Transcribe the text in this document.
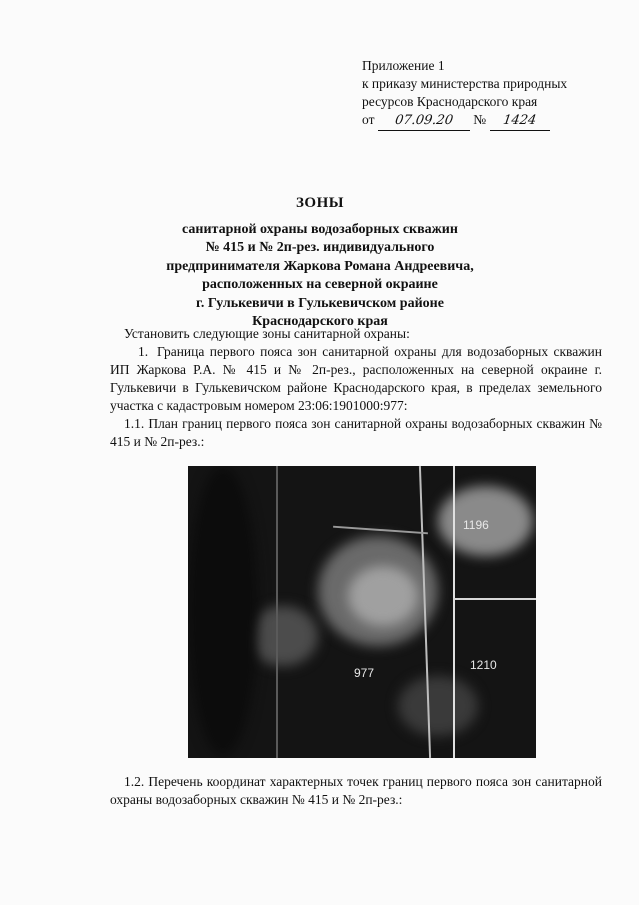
Приложение 1
к приказу министерства природных
ресурсов Краснодарского края
от 07.09.20 № 1424
ЗОНЫ
санитарной охраны водозаборных скважин
№ 415 и № 2п-рез. индивидуального
предпринимателя Жаркова Романа Андреевича,
расположенных на северной окраине
г. Гулькевичи в Гулькевичском районе
Краснодарского края

Установить следующие зоны санитарной охраны:

1. Граница первого пояса зон санитарной охраны для водозаборных скважин ИП Жаркова Р.А. № 415 и № 2п-рез., расположенных на северной окраине г. Гулькевичи в Гулькевичском районе Краснодарского края, в пределах земельного участка с кадастровым номером 23:06:1901000:977:

1.1. План границ первого пояса зон санитарной охраны водозаборных скважин № 415 и № 2п-рез.:

1196
977
1210
1.2. Перечень координат характерных точек границ первого пояса зон санитарной охраны водозаборных скважин № 415 и № 2п-рез.:
